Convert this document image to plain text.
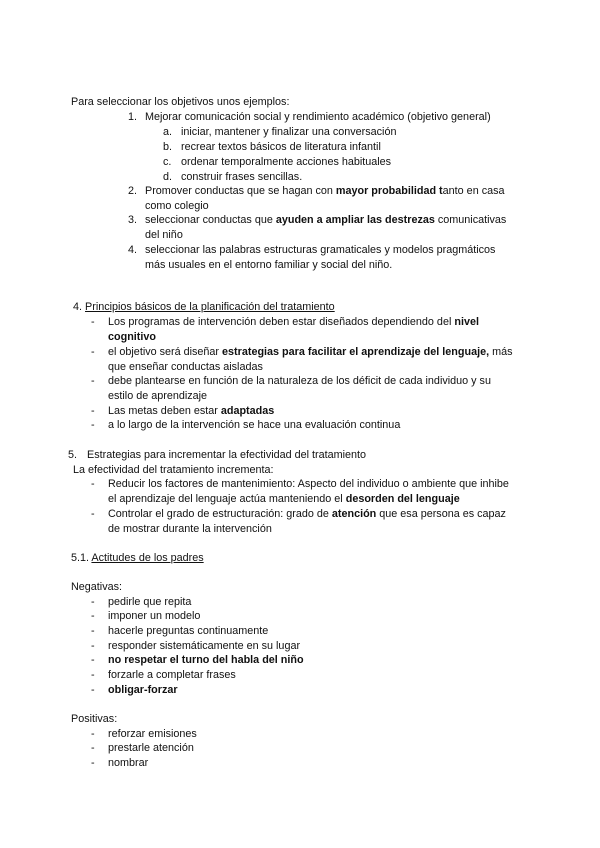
Para seleccionar los objetivos unos ejemplos:
1. Mejorar comunicación social y rendimiento académico (objetivo general)
a. iniciar, mantener y finalizar una conversación
b. recrear textos básicos de literatura infantil
c. ordenar temporalmente acciones habituales
d. construir frases sencillas.
2. Promover conductas que se hagan con mayor probabilidad tanto en casa
como colegio
3. seleccionar conductas que ayuden a ampliar las destrezas comunicativas
del niño
4. seleccionar las palabras estructuras gramaticales y modelos pragmáticos
más usuales en el entorno familiar y social del niño.
4. Principios básicos de la planificación del tratamiento
- Los programas de intervención deben estar diseñados dependiendo del nivel
cognitivo
- el objetivo será diseñar estrategias para facilitar el aprendizaje del lenguaje, más
que enseñar conductas aisladas
- debe plantearse en función de la naturaleza de los déficit de cada individuo y su
estilo de aprendizaje
- Las metas deben estar adaptadas
- a lo largo de la intervención se hace una evaluación continua
5. Estrategias para incrementar la efectividad del tratamiento
La efectividad del tratamiento incrementa:
- Reducir los factores de mantenimiento: Aspecto del individuo o ambiente que inhibe
el aprendizaje del lenguaje actúa manteniendo el desorden del lenguaje
- Controlar el grado de estructuración: grado de atención que esa persona es capaz
de mostrar durante la intervención
5.1. Actitudes de los padres
Negativas:
- pedirle que repita
- imponer un modelo
- hacerle preguntas continuamente
- responder sistemáticamente en su lugar
- no respetar el turno del habla del niño
- forzarle a completar frases
- obligar-forzar
Positivas:
- reforzar emisiones
- prestarle atención
- nombrar
